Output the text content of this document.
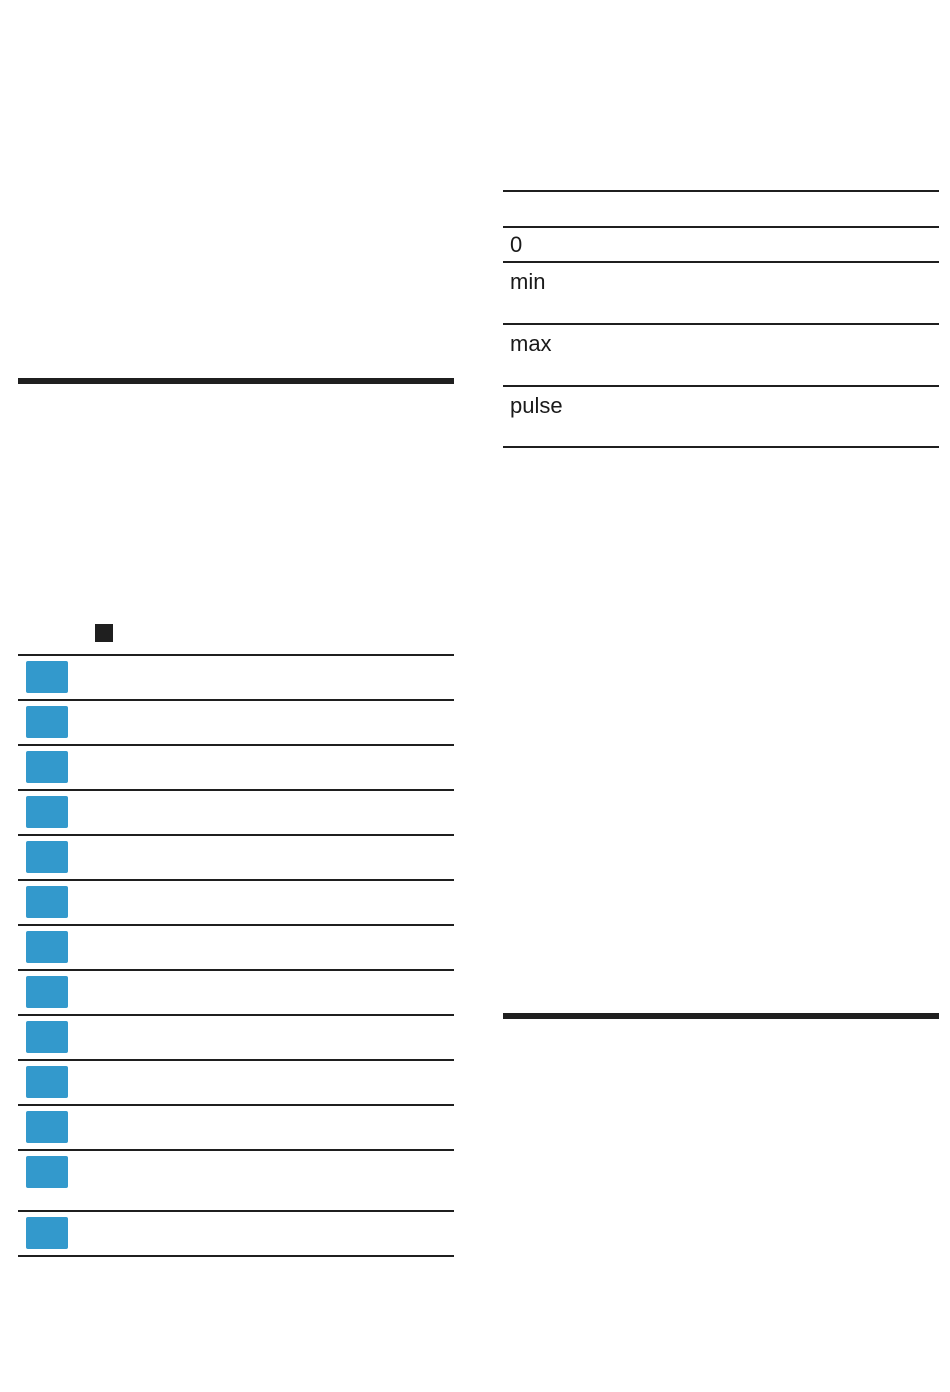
0
min
max
pulse
